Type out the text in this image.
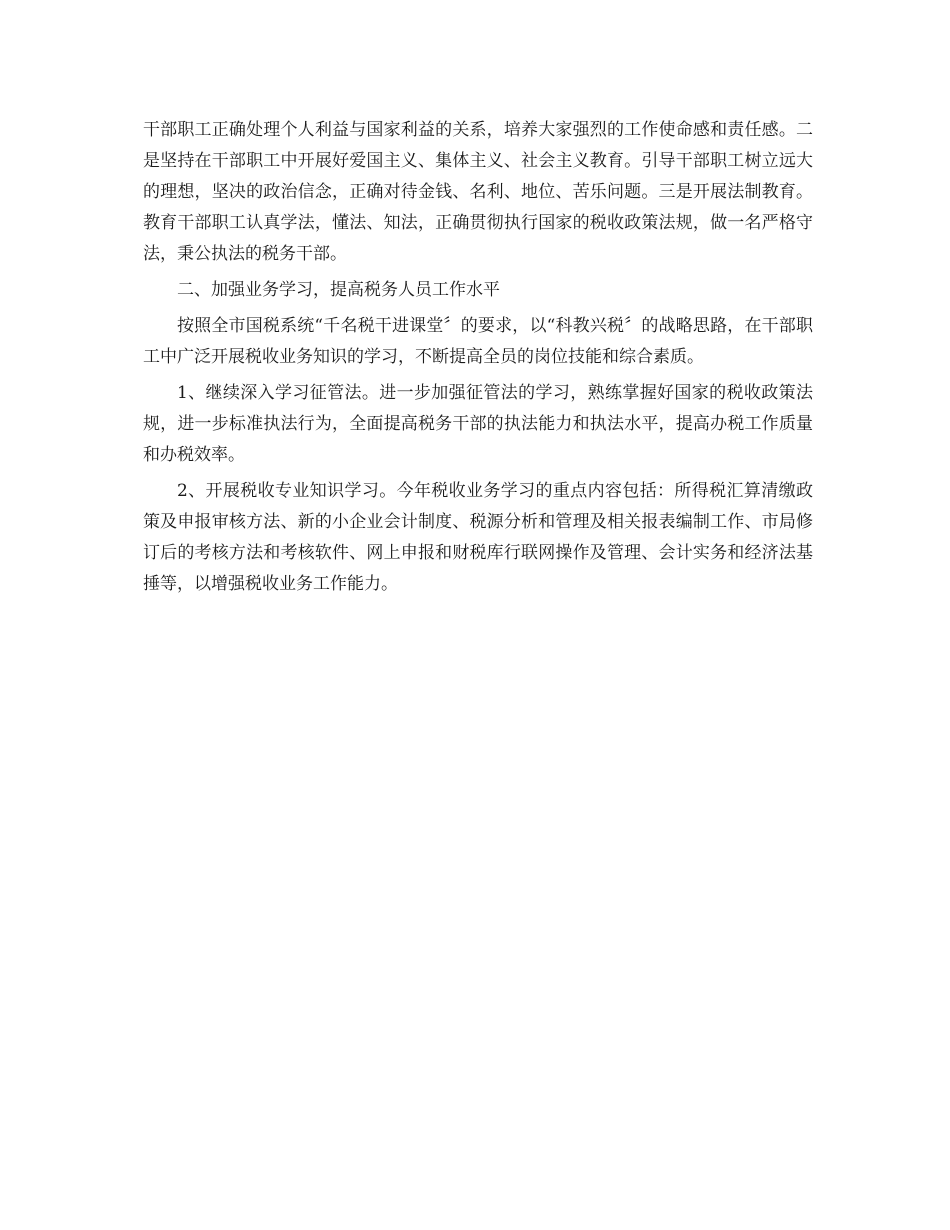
干部职工正确处理个人利益与国家利益的关系，培养大家强烈的工作使命感和责任感。二是坚持在干部职工中开展好爱国主义、集体主义、社会主义教育。引导干部职工树立远大的理想，坚决的政治信念，正确对待金钱、名利、地位、苦乐问题。三是开展法制教育。教育干部职工认真学法，懂法、知法，正确贯彻执行国家的税收政策法规，做一名严格守法，秉公执法的税务干部。

二、加强业务学习，提高税务人员工作水平

按照全市国税系统“千名税干进课堂〞的要求，以“科教兴税〞的战略思路，在干部职工中广泛开展税收业务知识的学习，不断提高全员的岗位技能和综合素质。

1、继续深入学习征管法。进一步加强征管法的学习，熟练掌握好国家的税收政策法规，进一步标准执法行为，全面提高税务干部的执法能力和执法水平，提高办税工作质量和办税效率。

2、开展税收专业知识学习。今年税收业务学习的重点内容包括：所得税汇算清缴政策及申报审核方法、新的小企业会计制度、税源分析和管理及相关报表编制工作、市局修订后的考核方法和考核软件、网上申报和财税库行联网操作及管理、会计实务和经济法基捶等，以增强税收业务工作能力。
